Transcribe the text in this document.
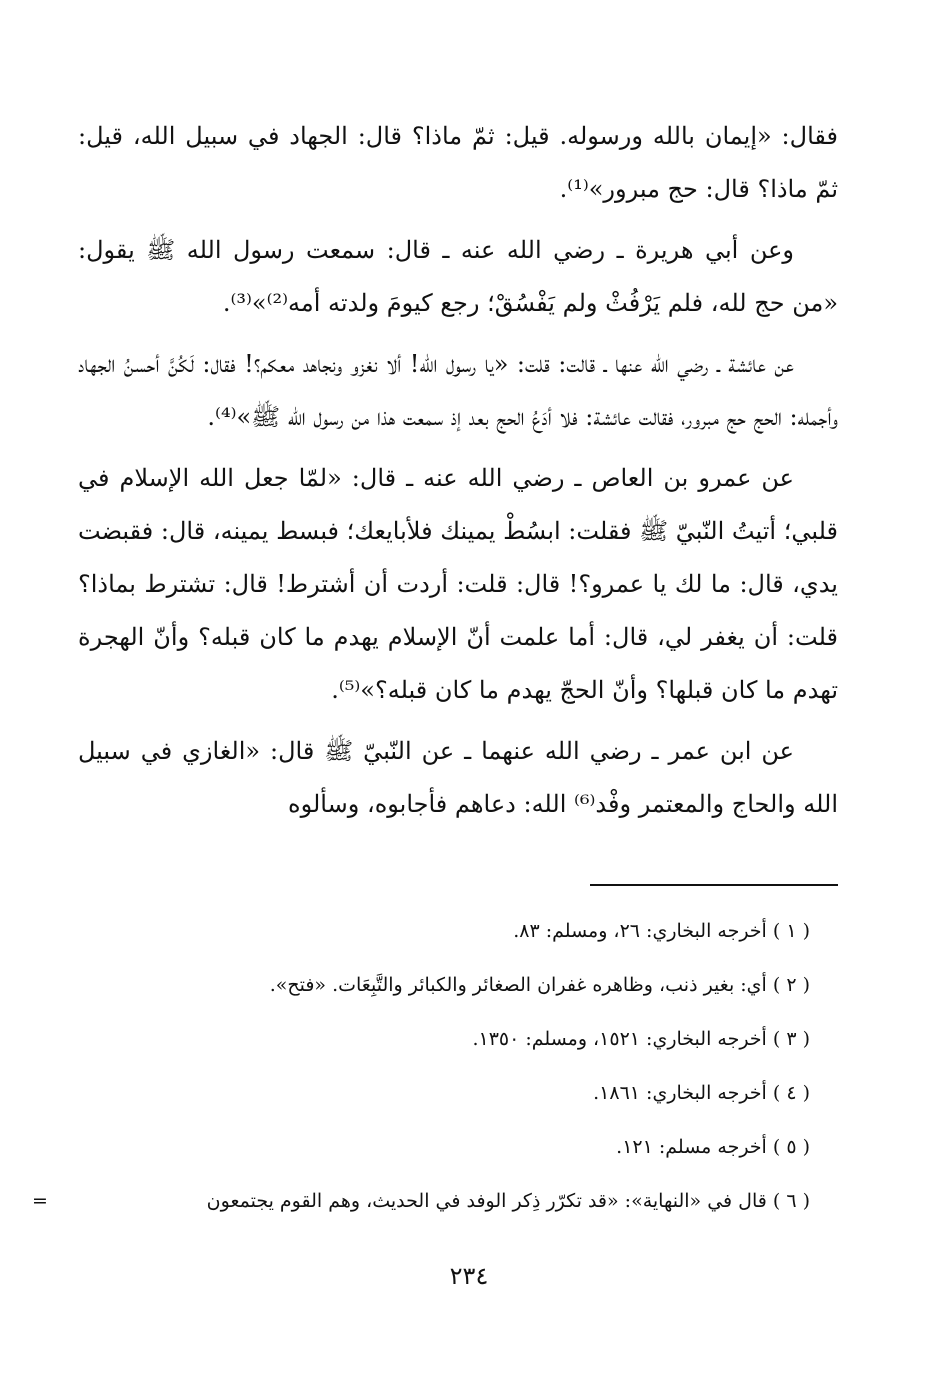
فقال: «إيمان بالله ورسوله. قيل: ثمّ ماذا؟ قال: الجهاد في سبيل الله، قيل: ثمّ ماذا؟ قال: حج مبرور»⁽¹⁾.

وعن أبي هريرة ـ رضي الله عنه ـ قال: سمعت رسول الله ﷺ يقول: «من حج لله، فلم يَرْفُثْ ولم يَفْسُقْ؛ رجع كيومَ ولدته أمه⁽²⁾»⁽³⁾.

عن عائشة ـ رضي الله عنها ـ قالت: قلت: «يا رسول الله! ألا نغزو ونجاهد معكم؟! فقال: لَكُنَّ أحسنُ الجهاد وأجمله: الحج حج مبرور، فقالت عائشة: فلا أدَعُ الحج بعد إذ سمعت هذا من رسول الله ﷺ»⁽⁴⁾.

عن عمرو بن العاص ـ رضي الله عنه ـ قال: «لمّا جعل الله الإسلام في قلبي؛ أتيتُ النّبيّ ﷺ فقلت: ابسُطْ يمينك فلأبايعك؛ فبسط يمينه، قال: فقبضت يدي، قال: ما لك يا عمرو؟! قال: قلت: أردت أن أشترط! قال: تشترط بماذا؟ قلت: أن يغفر لي، قال: أما علمت أنّ الإسلام يهدم ما كان قبله؟ وأنّ الهجرة تهدم ما كان قبلها؟ وأنّ الحجّ يهدم ما كان قبله؟»⁽⁵⁾.

عن ابن عمر ـ رضي الله عنهما ـ عن النّبيّ ﷺ قال: «الغازي في سبيل الله والحاج والمعتمر وفْد⁽⁶⁾ الله: دعاهم فأجابوه، وسألوه

( ١ ) أخرجه البخاري: ٢٦، ومسلم: ٨٣.

( ٢ ) أي: بغير ذنب، وظاهره غفران الصغائر والكبائر والتَّبِعَات. «فتح».

( ٣ ) أخرجه البخاري: ١٥٢١، ومسلم: ١٣٥٠.

( ٤ ) أخرجه البخاري: ١٨٦١.

( ٥ ) أخرجه مسلم: ١٢١.

( ٦ ) قال في «النهاية»: «قد تكرّر ذِكر الوفد في الحديث، وهم القوم يجتمعون
=

٢٣٤
